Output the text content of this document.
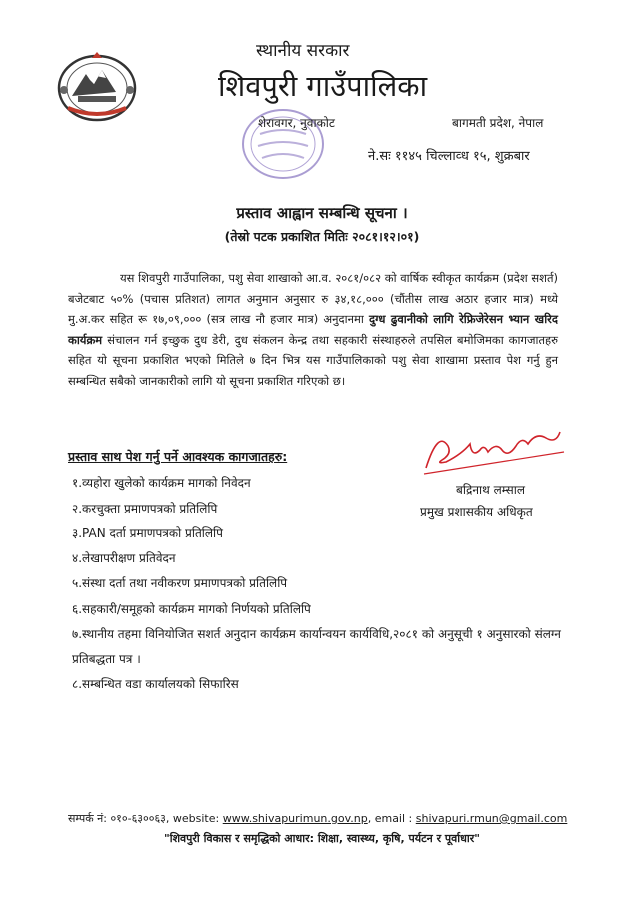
स्थानीय सरकार
शिवपुरी गाउँपालिका
शेरावगर, नुवाकोट	बागमती प्रदेश, नेपाल
ने.सः ११४५ चिल्लाव्ध १५, शुक्रबार
प्रस्ताव आह्वान सम्बन्धि सूचना ।
(तेस्रो पटक प्रकाशित मितिः २०८१।१२।०१)
यस शिवपुरी गाउँपालिका, पशु सेवा शाखाको आ.व. २०८१/०८२ को वार्षिक स्वीकृत कार्यक्रम (प्रदेश सशर्त) बजेटबाट ५०% (पचास प्रतिशत) लागत अनुमान अनुसार रु ३४,१८,००० (चौंतीस लाख अठार हजार मात्र) मध्ये मु.अ.कर सहित रू १७,०९,००० (सत्र लाख नौ हजार मात्र) अनुदानमा दुग्ध ढुवानीको लागि रेफ्रिजेरेसन भ्यान खरिद कार्यक्रम संचालन गर्न इच्छुक दुध डेरी, दुध संकलन केन्द्र तथा सहकारी संस्थाहरुले तपसिल बमोजिमका कागजातहरु सहित यो सूचना प्रकाशित भएको मितिले ७ दिन भित्र यस गाउँपालिकाको पशु सेवा शाखामा प्रस्ताव पेश गर्नु हुन सम्बन्धित सबैको जानकारीको लागि यो सूचना प्रकाशित गरिएको छ।
प्रस्ताव साथ पेश गर्नु पर्ने आवश्यक कागजातहरु:
१.व्यहोरा खुलेको कार्यक्रम मागको निवेदन
२.करचुक्ता प्रमाणपत्रको प्रतिलिपि
३.PAN दर्ता प्रमाणपत्रको प्रतिलिपि
४.लेखापरीक्षण प्रतिवेदन
५.संस्था दर्ता तथा नवीकरण प्रमाणपत्रको प्रतिलिपि
६.सहकारी/समूहको कार्यक्रम मागको निर्णयको प्रतिलिपि
७.स्थानीय तहमा विनियोजित सशर्त अनुदान कार्यक्रम कार्यान्वयन कार्यविधि,२०८१ को अनुसूची १ अनुसारको संलग्न प्रतिबद्धता पत्र ।
८.सम्बन्धित वडा कार्यालयको सिफारिस
बद्रिनाथ लम्साल
प्रमुख प्रशासकीय अधिकृत
सम्पर्क नं: ०१०-६३००६३, website: www.shivapurimun.gov.np, email : shivapuri.rmun@gmail.com
"शिवपुरी विकास र समृद्धिको आधार: शिक्षा, स्वास्थ्य, कृषि, पर्यटन र पूर्वाधार"
